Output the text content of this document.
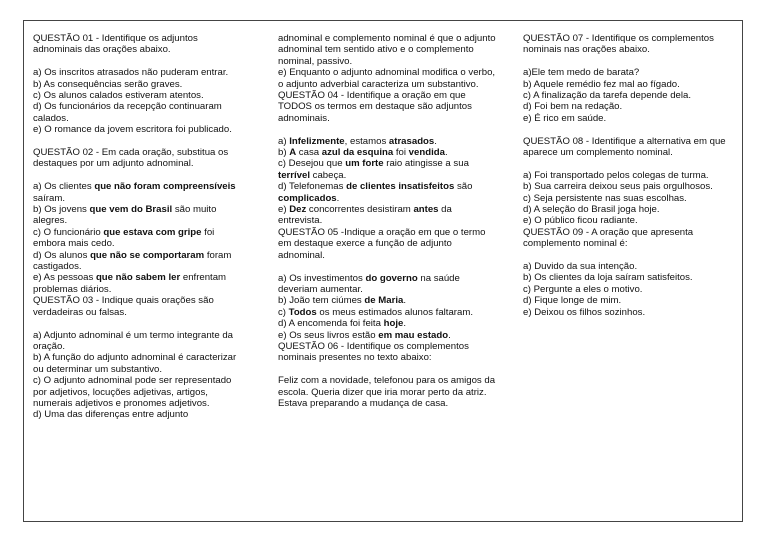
QUESTÃO 01 - Identifique os adjuntos adnominais das orações abaixo.

a) Os inscritos atrasados não puderam entrar.

b) As consequências serão graves.

c) Os alunos calados estiveram atentos.

d) Os funcionários da recepção continuaram calados.

e) O romance da jovem escritora foi publicado.

QUESTÃO 02 - Em cada oração, substitua os destaques por um adjunto adnominal.

a) Os clientes que não foram compreensíveis saíram.

b) Os jovens que vem do Brasil são muito alegres.

c) O funcionário que estava com gripe foi embora mais cedo.

d) Os alunos que não se comportaram foram castigados.

e) As pessoas que não sabem ler enfrentam problemas diários.

QUESTÃO 03 - Indique quais orações são verdadeiras ou falsas.

a) Adjunto adnominal é um termo integrante da oração.

b) A função do adjunto adnominal é caracterizar ou determinar um substantivo.

c) O adjunto adnominal pode ser representado por adjetivos, locuções adjetivas, artigos, numerais adjetivos e pronomes adjetivos.

d) Uma das diferenças entre adjunto

adnominal e complemento nominal é que o adjunto adnominal tem sentido ativo e o complemento nominal, passivo.

e) Enquanto o adjunto adnominal modifica o verbo, o adjunto adverbial caracteriza um substantivo.

QUESTÃO 04 - Identifique a oração em que TODOS os termos em destaque são adjuntos adnominais.

a) Infelizmente, estamos atrasados.

b) A casa azul da esquina foi vendida.

c) Desejou que um forte raio atingisse a sua terrível cabeça.

d) Telefonemas de clientes insatisfeitos são complicados.

e) Dez concorrentes desistiram antes da entrevista.

QUESTÃO 05 -Indique a oração em que o termo em destaque exerce a função de adjunto adnominal.

a) Os investimentos do governo na saúde deveriam aumentar.

b) João tem ciúmes de Maria.

c) Todos os meus estimados alunos faltaram.

d) A encomenda foi feita hoje.

e) Os seus livros estão em mau estado.

QUESTÃO 06 - Identifique os complementos nominais presentes no texto abaixo:

Feliz com a novidade, telefonou para os amigos da escola. Queria dizer que iria morar perto da atriz. Estava preparando a mudança de casa.

QUESTÃO 07 - Identifique os complementos nominais nas orações abaixo.

a)Ele tem medo de barata?

b) Aquele remédio fez mal ao fígado.

c) A finalização da tarefa depende dela.

d) Foi bem na redação.

e) É rico em saúde.

QUESTÃO 08 - Identifique a alternativa em que aparece um complemento nominal.

a) Foi transportado pelos colegas de turma.

b) Sua carreira deixou seus pais orgulhosos.

c) Seja persistente nas suas escolhas.

d) A seleção do Brasil joga hoje.

e) O público ficou radiante.

QUESTÃO 09 - A oração que apresenta complemento nominal é:

a) Duvido da sua intenção.

b) Os clientes da loja saíram satisfeitos.

c) Pergunte a eles o motivo.

d) Fique longe de mim.

e) Deixou os filhos sozinhos.
